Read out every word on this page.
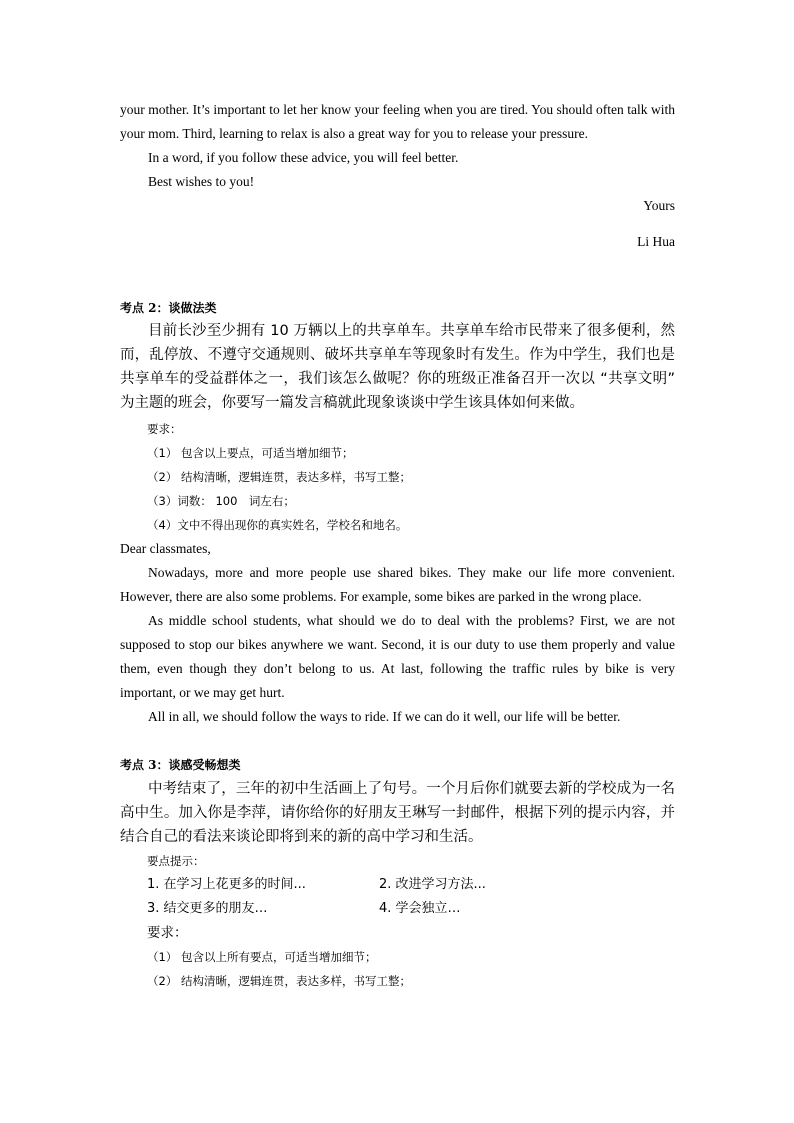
your mother. It’s important to let her know your feeling when you are tired. You should often talk with your mom. Third, learning to relax is also a great way for you to release your pressure.
In a word, if you follow these advice, you will feel better.
Best wishes to you!
Yours
Li Hua
考点 2：谈做法类
目前长沙至少拥有 10 万辆以上的共享单车。共享单车给市民带来了很多便利，然而，乱停放、不遵守交通规则、破坏共享单车等现象时有发生。作为中学生，我们也是共享单车的受益群体之一，我们该怎么做呢？你的班级正准备召开一次以 “共享文明” 为主题的班会，你要写一篇发言稿就此现象谈谈中学生该具体如何来做。
要求：
（1） 包含以上要点，可适当增加细节；
（2） 结构清晰，逻辑连贯，表达多样，书写工整；
（3）词数： 100　词左右；
（4）文中不得出现你的真实姓名，学校名和地名。
Dear classmates,
Nowadays, more and more people use shared bikes. They make our life more convenient. However, there are also some problems. For example, some bikes are parked in the wrong place.
As middle school students, what should we do to deal with the problems? First, we are not supposed to stop our bikes anywhere we want. Second, it is our duty to use them properly and value them, even though they don’t belong to us. At last, following the traffic rules by bike is very important, or we may get hurt.
All in all, we should follow the ways to ride. If we can do it well, our life will be better.
考点 3：谈感受畅想类
中考结束了，三年的初中生活画上了句号。一个月后你们就要去新的学校成为一名高中生。加入你是李萍，请你给你的好朋友王琳写一封邮件，根据下列的提示内容，并结合自己的看法来谈论即将到来的新的高中学习和生活。
要点提示：
1. 在学习上花更多的时间...	2. 改进学习方法...
3. 结交更多的朋友…	4. 学会独立…
要求：
（1） 包含以上所有要点，可适当增加细节；
（2） 结构清晰，逻辑连贯，表达多样，书写工整；
